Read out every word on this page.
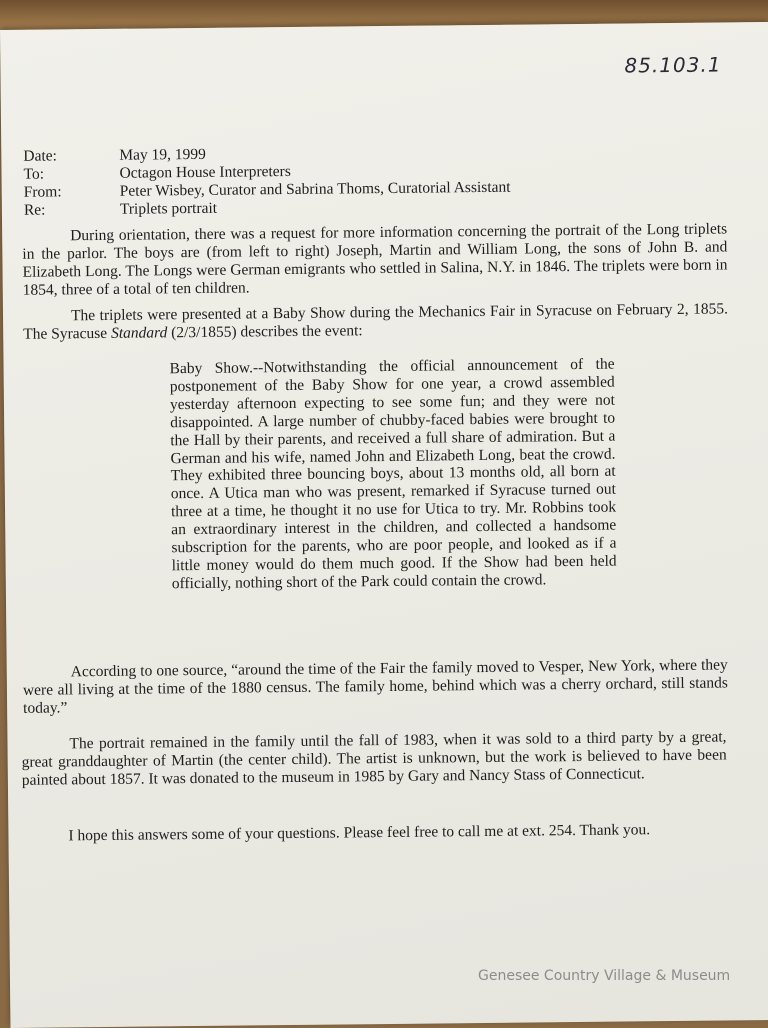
85.103.1
Date:	May 19, 1999
To:	Octagon House Interpreters
From:	Peter Wisbey, Curator and Sabrina Thoms, Curatorial Assistant
Re:	Triplets portrait

During orientation, there was a request for more information concerning the portrait of the Long triplets in the parlor. The boys are (from left to right) Joseph, Martin and William Long, the sons of John B. and Elizabeth Long. The Longs were German emigrants who settled in Salina, N.Y. in 1846. The triplets were born in 1854, three of a total of ten children.

The triplets were presented at a Baby Show during the Mechanics Fair in Syracuse on February 2, 1855. The Syracuse Standard (2/3/1855) describes the event:

Baby Show.--Notwithstanding the official announcement of the postponement of the Baby Show for one year, a crowd assembled yesterday afternoon expecting to see some fun; and they were not disappointed. A large number of chubby-faced babies were brought to the Hall by their parents, and received a full share of admiration. But a German and his wife, named John and Elizabeth Long, beat the crowd. They exhibited three bouncing boys, about 13 months old, all born at once. A Utica man who was present, remarked if Syracuse turned out three at a time, he thought it no use for Utica to try. Mr. Robbins took an extraordinary interest in the children, and collected a handsome subscription for the parents, who are poor people, and looked as if a little money would do them much good. If the Show had been held officially, nothing short of the Park could contain the crowd.

According to one source, “around the time of the Fair the family moved to Vesper, New York, where they were all living at the time of the 1880 census. The family home, behind which was a cherry orchard, still stands today.”

The portrait remained in the family until the fall of 1983, when it was sold to a third party by a great, great granddaughter of Martin (the center child). The artist is unknown, but the work is believed to have been painted about 1857. It was donated to the museum in 1985 by Gary and Nancy Stass of Connecticut.

I hope this answers some of your questions. Please feel free to call me at ext. 254. Thank you.

Genesee Country Village & Museum
